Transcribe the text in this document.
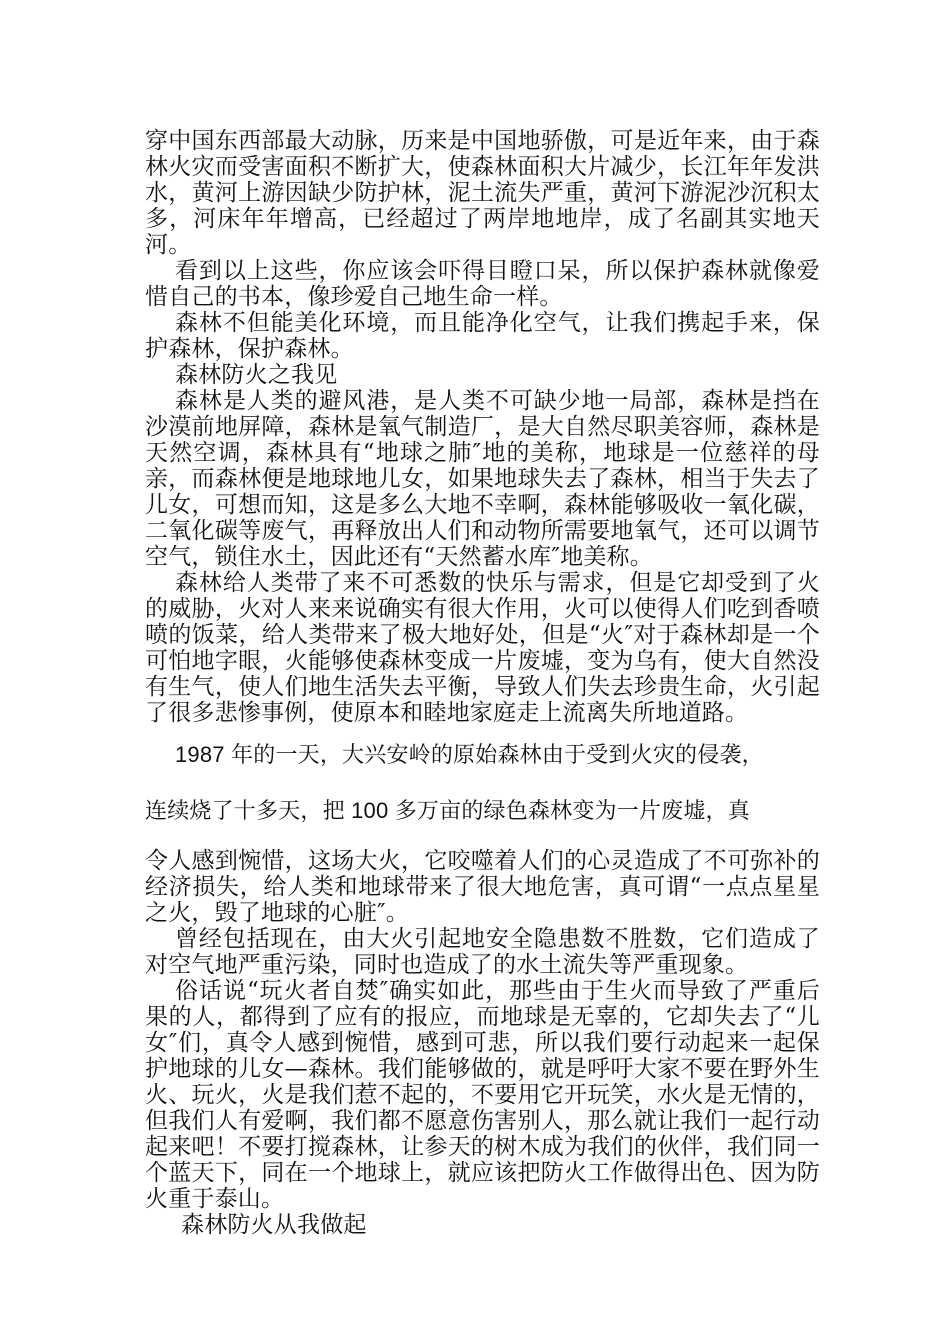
穿中国东西部最大动脉，历来是中国地骄傲，可是近年来，由于森林火灾而受害面积不断扩大，使森林面积大片减少，长江年年发洪水，黄河上游因缺少防护林，泥土流失严重，黄河下游泥沙沉积太多，河床年年增高，已经超过了两岸地地岸，成了名副其实地天河。

看到以上这些，你应该会吓得目瞪口呆，所以保护森林就像爱惜自己的书本，像珍爱自己地生命一样。

森林不但能美化环境，而且能净化空气，让我们携起手来，保护森林，保护森林。

森林防火之我见

森林是人类的避风港，是人类不可缺少地一局部，森林是挡在沙漠前地屏障，森林是氧气制造厂，是大自然尽职美容师，森林是天然空调，森林具有“地球之肺″地的美称，地球是一位慈祥的母亲，而森林便是地球地儿女，如果地球失去了森林，相当于失去了儿女，可想而知，这是多么大地不幸啊，森林能够吸收一氧化碳，二氧化碳等废气，再释放出人们和动物所需要地氧气，还可以调节空气，锁住水土，因此还有“天然蓄水库″地美称。

森林给人类带了来不可悉数的快乐与需求，但是它却受到了火的威胁，火对人来来说确实有很大作用，火可以使得人们吃到香喷喷的饭菜，给人类带来了极大地好处，但是“火″对于森林却是一个可怕地字眼，火能够使森林变成一片废墟，变为乌有，使大自然没有生气，使人们地生活失去平衡，导致人们失去珍贵生命，火引起了很多悲惨事例，使原本和睦地家庭走上流离失所地道路。

1987 年的一天，大兴安岭的原始森林由于受到火灾的侵袭，

连续烧了十多天，把 100 多万亩的绿色森林变为一片废墟，真

令人感到惋惜，这场大火，它咬噬着人们的心灵造成了不可弥补的经济损失，给人类和地球带来了很大地危害，真可谓“一点点星星之火，毁了地球的心脏″。

曾经包括现在，由大火引起地安全隐患数不胜数，它们造成了对空气地严重污染，同时也造成了的水土流失等严重现象。

俗话说“玩火者自焚″确实如此，那些由于生火而导致了严重后果的人，都得到了应有的报应，而地球是无辜的，它却失去了“儿女″们，真令人感到惋惜，感到可悲，所以我们要行动起来一起保护地球的儿女—森林。我们能够做的，就是呼吁大家不要在野外生火、玩火，火是我们惹不起的，不要用它开玩笑，水火是无情的，但我们人有爱啊，我们都不愿意伤害别人，那么就让我们一起行动起来吧！不要打搅森林，让参天的树木成为我们的伙伴，我们同一个蓝天下，同在一个地球上，就应该把防火工作做得出色、因为防火重于泰山。

森林防火从我做起
